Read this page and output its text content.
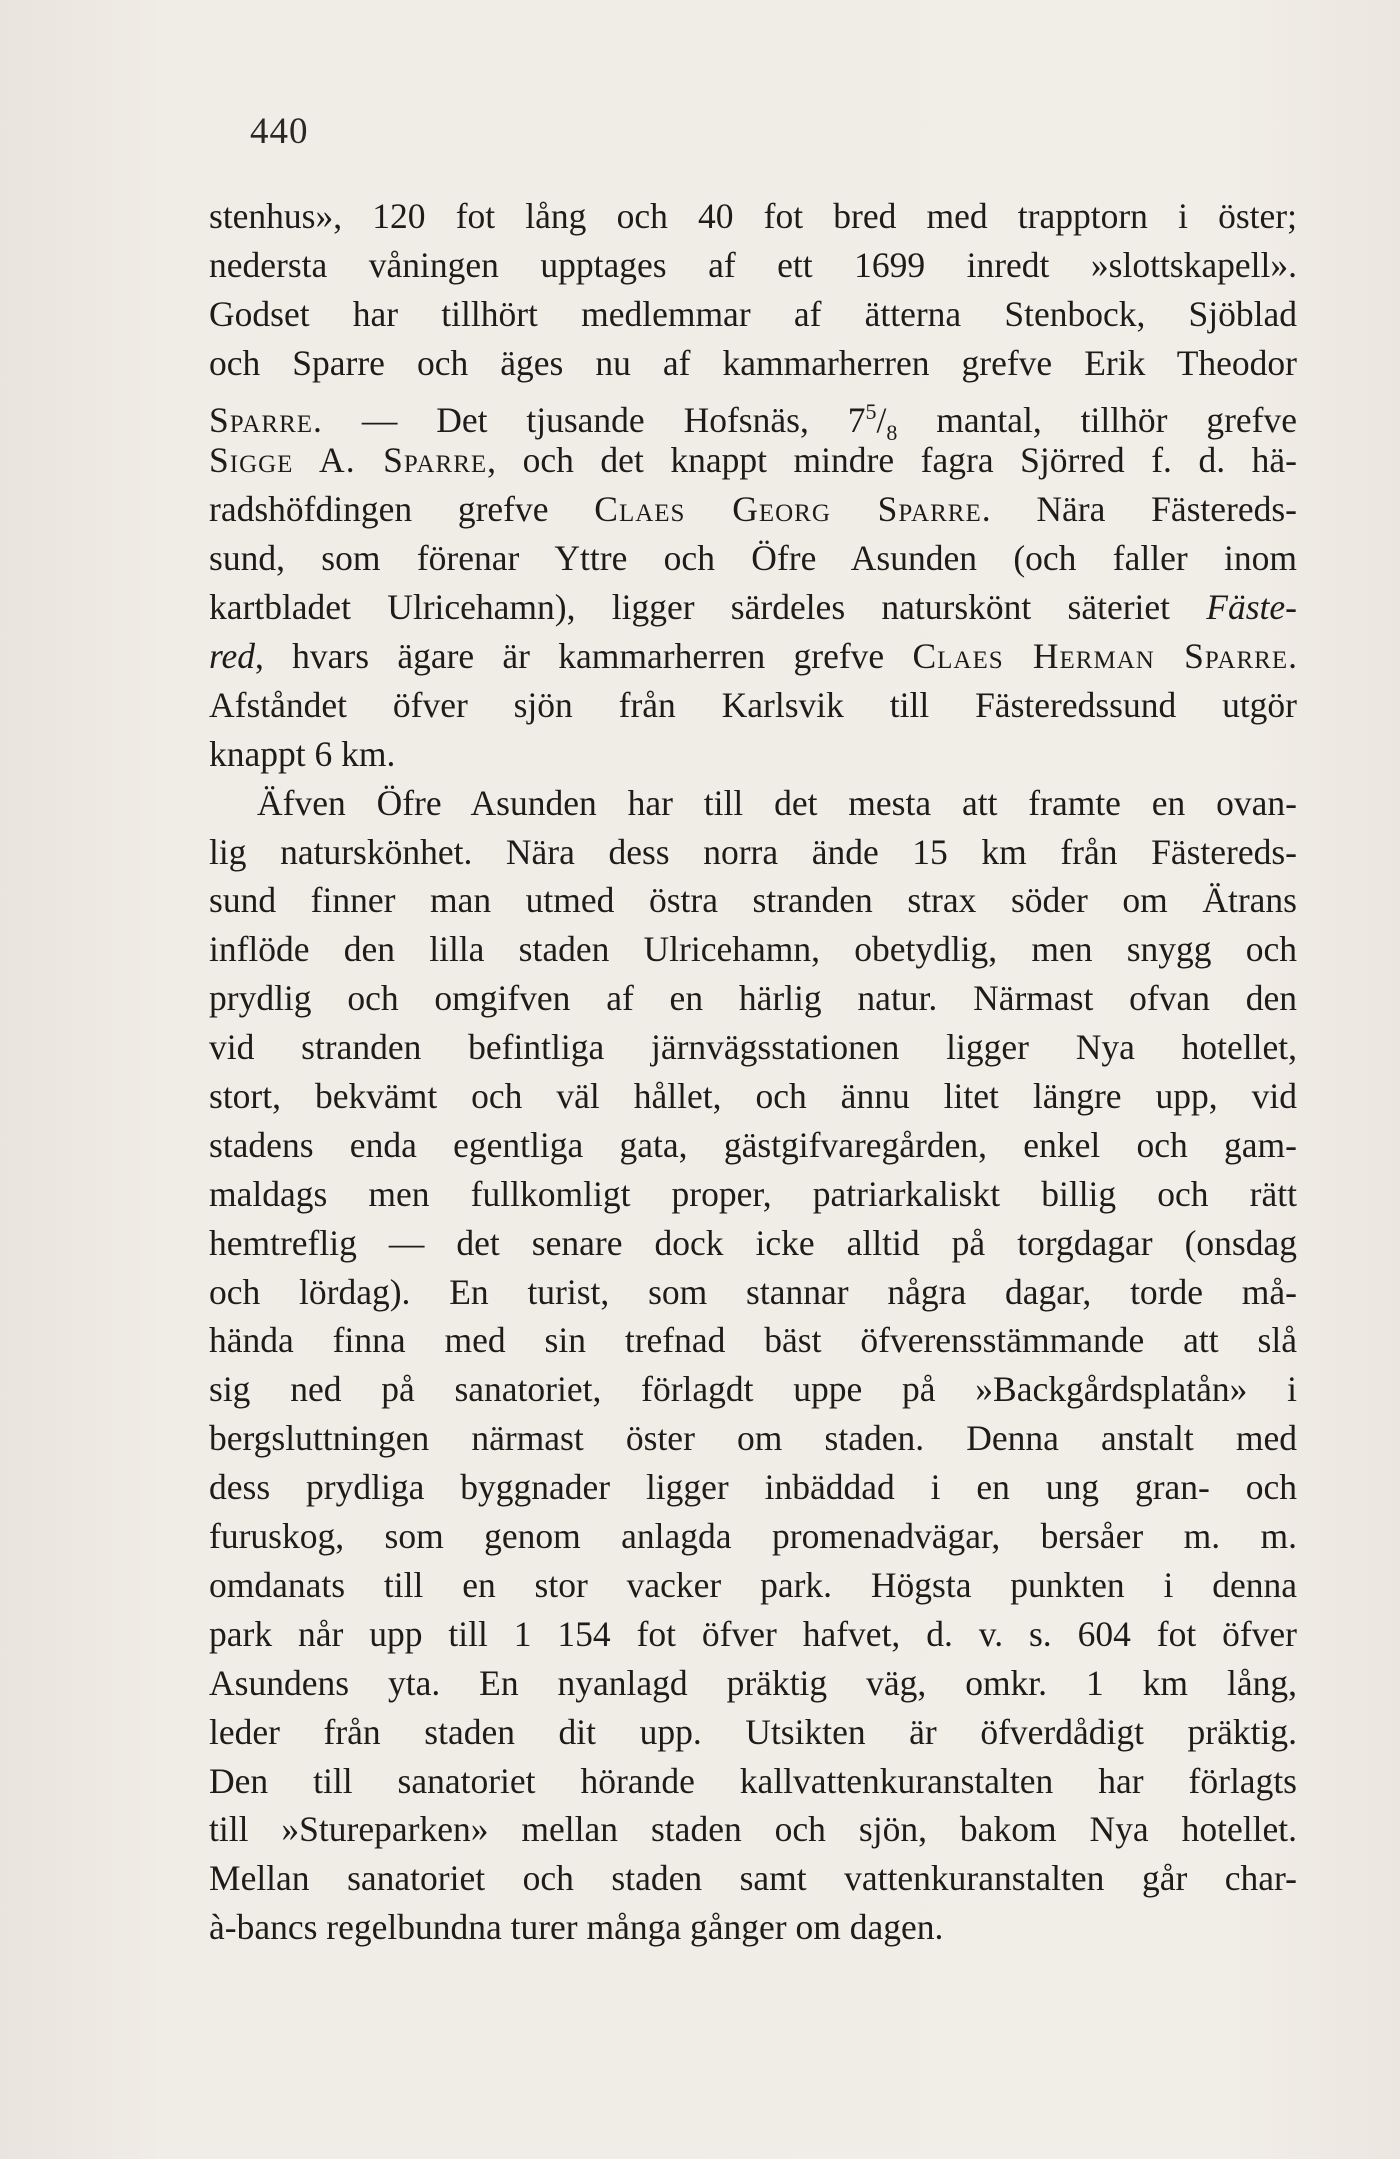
440
stenhus», 120 fot lång och 40 fot bred med trapptorn i öster;
nedersta våningen upptages af ett 1699 inredt »slottskapell».
Godset har tillhört medlemmar af ätterna Stenbock, Sjöblad
och Sparre och äges nu af kammarherren grefve Erik Theodor
Sparre. — Det tjusande Hofsnäs, $7^5/_8$ mantal, tillhör grefve
Sigge A. Sparre, och det knappt mindre fagra Sjörred f. d. hä-
radshöfdingen grefve Claes Georg Sparre. Nära Fästereds-
sund, som förenar Yttre och Öfre Asunden (och faller inom
kartbladet Ulricehamn), ligger särdeles naturskönt säteriet Fäste-
red, hvars ägare är kammarherren grefve Claes Herman Sparre.
Afståndet öfver sjön från Karlsvik till Fästeredssund utgör
knappt 6 km.
Äfven Öfre Asunden har till det mesta att framte en ovan-
lig naturskönhet. Nära dess norra ände 15 km från Fästereds-
sund finner man utmed östra stranden strax söder om Ätrans
inflöde den lilla staden Ulricehamn, obetydlig, men snygg och
prydlig och omgifven af en härlig natur. Närmast ofvan den
vid stranden befintliga järnvägsstationen ligger Nya hotellet,
stort, bekvämt och väl hållet, och ännu litet längre upp, vid
stadens enda egentliga gata, gästgifvaregården, enkel och gam-
maldags men fullkomligt proper, patriarkaliskt billig och rätt
hemtreflig — det senare dock icke alltid på torgdagar (onsdag
och lördag). En turist, som stannar några dagar, torde må-
hända finna med sin trefnad bäst öfverensstämmande att slå
sig ned på sanatoriet, förlagdt uppe på »Backgårdsplatån» i
bergsluttningen närmast öster om staden. Denna anstalt med
dess prydliga byggnader ligger inbäddad i en ung gran- och
furuskog, som genom anlagda promenadvägar, bersåer m. m.
omdanats till en stor vacker park. Högsta punkten i denna
park når upp till 1 154 fot öfver hafvet, d. v. s. 604 fot öfver
Asundens yta. En nyanlagd präktig väg, omkr. 1 km lång,
leder från staden dit upp. Utsikten är öfverdådigt präktig.
Den till sanatoriet hörande kallvattenkuranstalten har förlagts
till »Stureparken» mellan staden och sjön, bakom Nya hotellet.
Mellan sanatoriet och staden samt vattenkuranstalten går char-
à-bancs regelbundna turer många gånger om dagen.
